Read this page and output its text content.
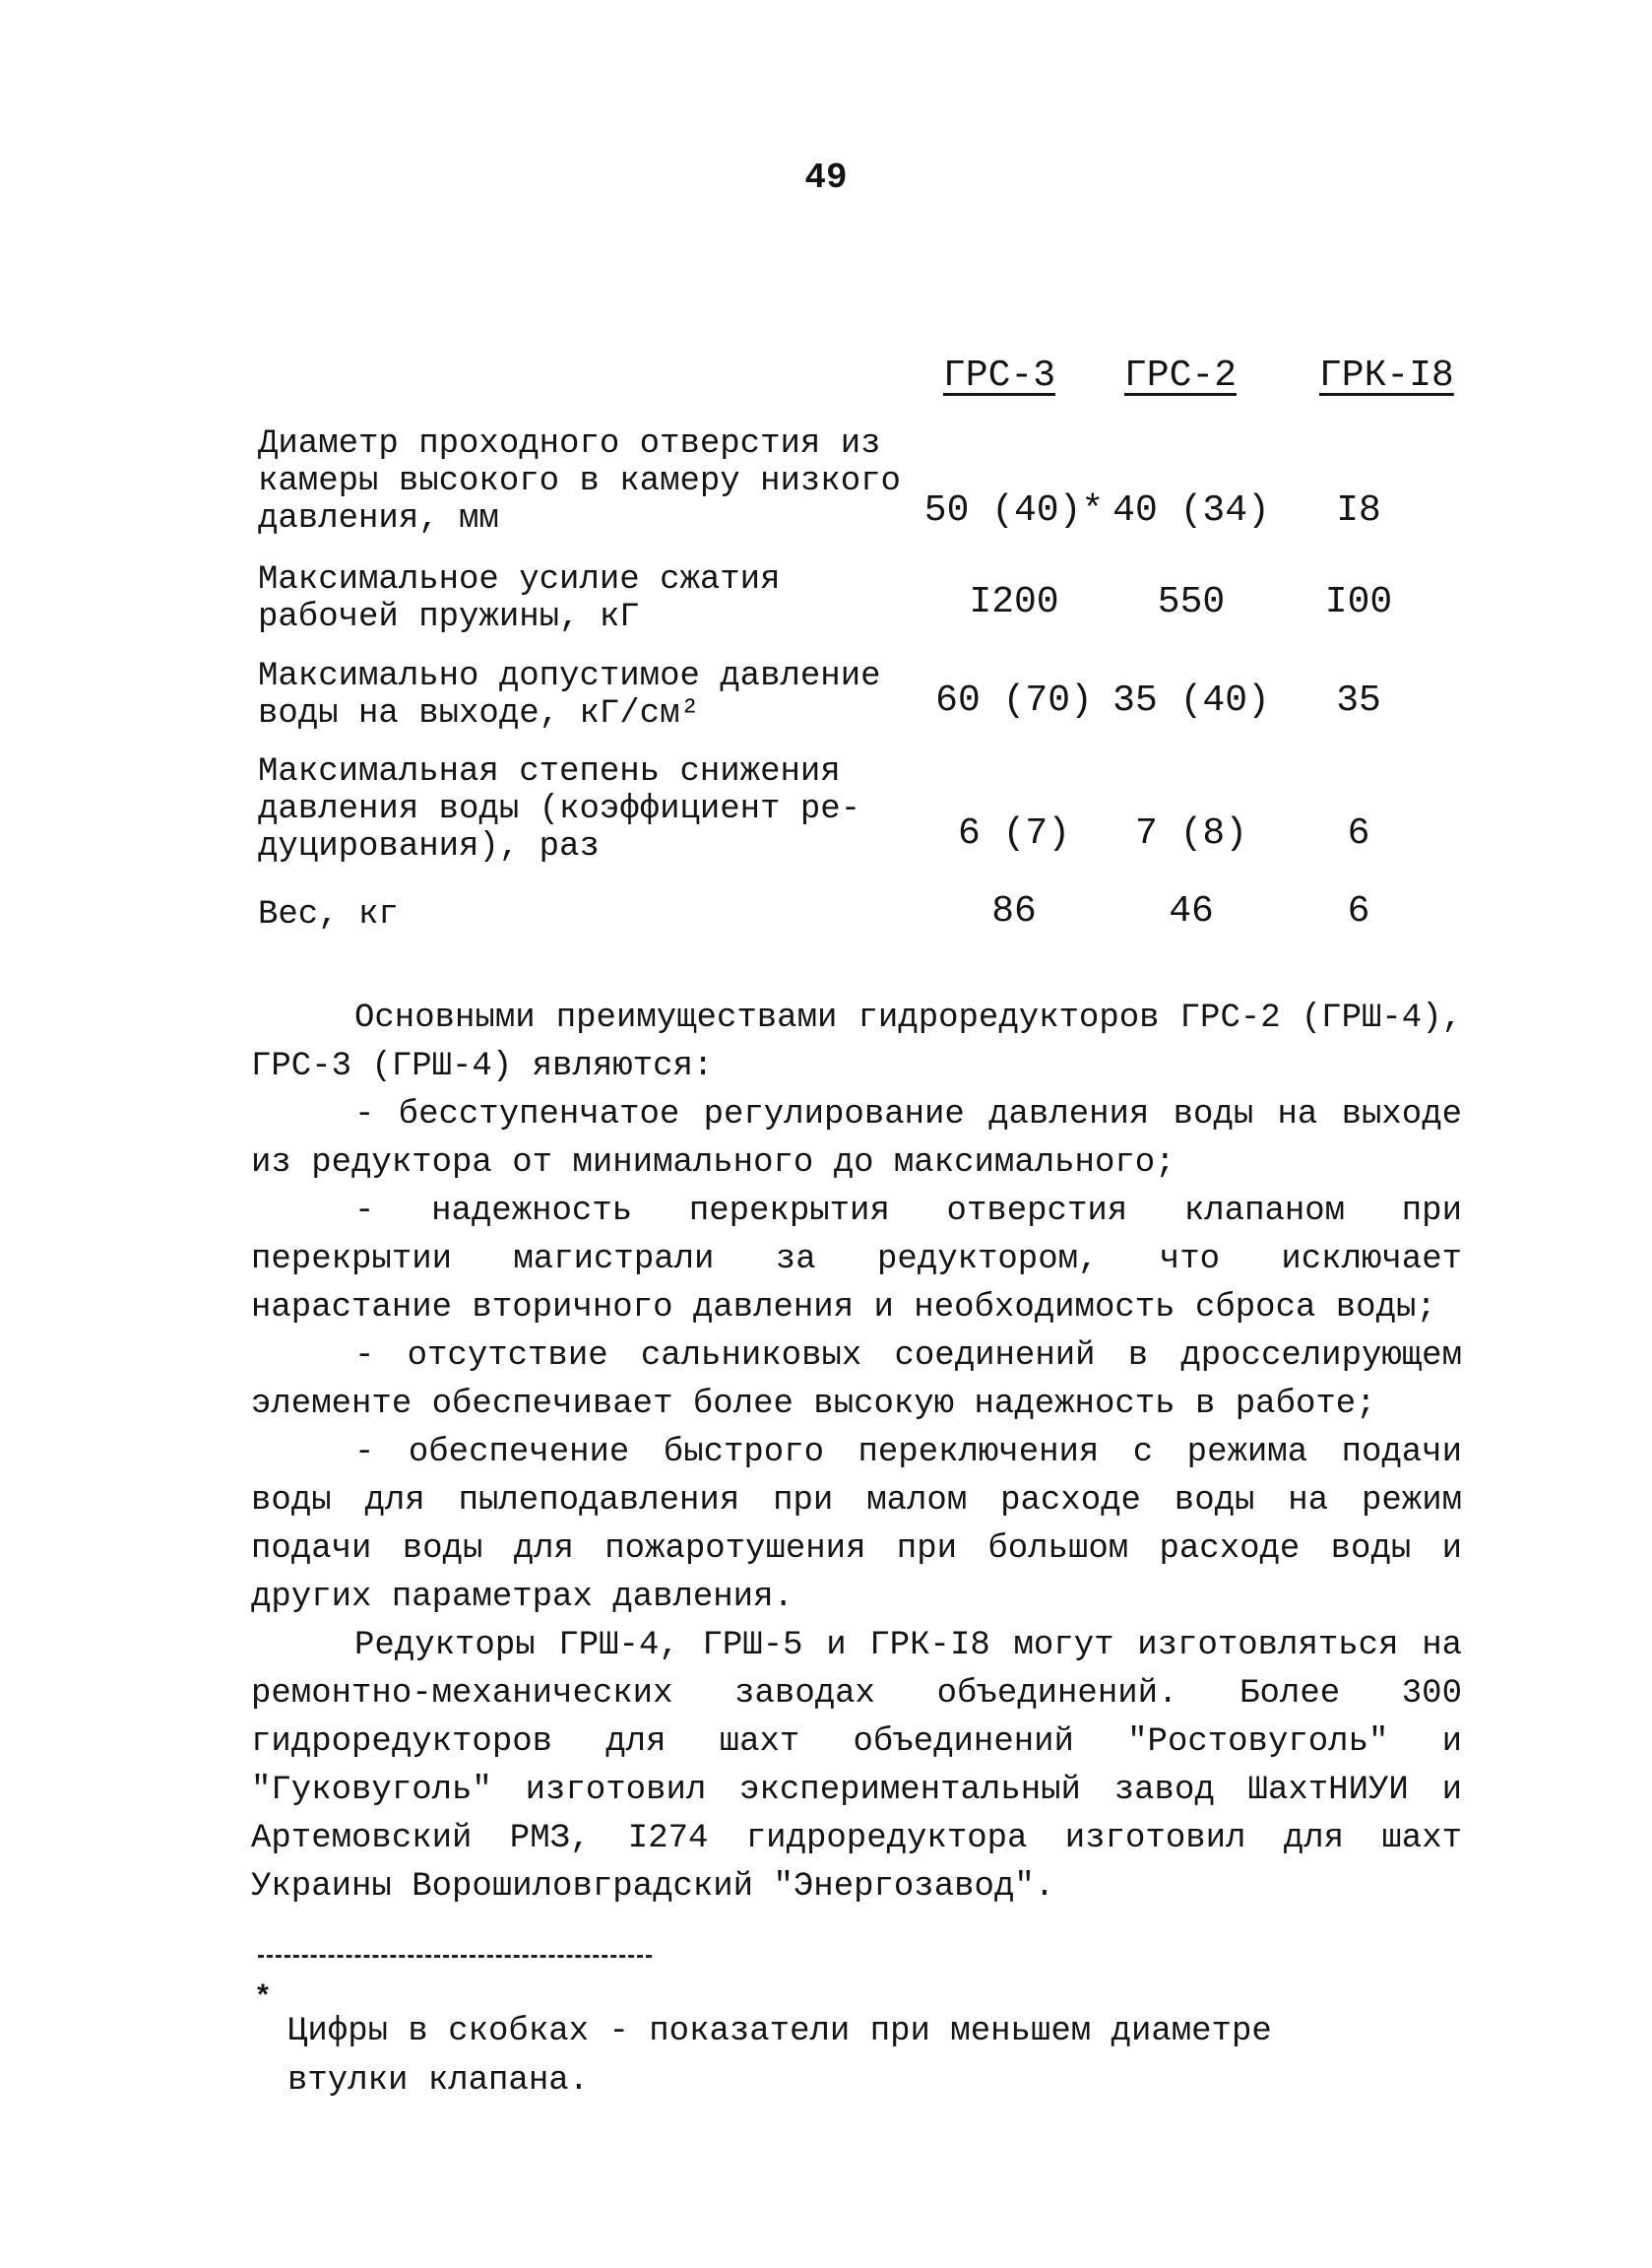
49
ГРС-3 ГРС-2 ГРК-I8

Диаметр проходного отверстия из
камеры высокого в камеру низкого
давления, мм	50 (40)* 40 (34)	I8

Максимальное усилие сжатия
рабочей пружины, кГ	I200	550	I00

Максимально допустимое давление
воды на выходе, кГ/см²	60 (70) 35 (40)	35

Максимальная степень снижения
давления воды (коэффициент ре-
дуцирования), раз	6 (7)	7 (8)	6

Вес, кг	86	46	6

Основными преимуществами гидроредукторов ГРС-2 (ГРШ-4), ГРС-3 (ГРШ-4) являются:

- бесступенчатое регулирование давления воды на выходе из редуктора от минимального до максимального;

- надежность перекрытия отверстия клапаном при перекрытии магистрали за редуктором, что исключает нарастание вторичного давления и необходимость сброса воды;

- отсутствие сальниковых соединений в дросселирующем элементе обеспечивает более высокую надежность в работе;

- обеспечение быстрого переключения с режима подачи воды для пылеподавления при малом расходе воды на режим подачи воды для пожаротушения при большом расходе воды и других параметрах давления.

Редукторы ГРШ-4, ГРШ-5 и ГРК-I8 могут изготовляться на ремонтно-механических заводах объединений. Более 300 гидроредукторов для шахт объединений "Ростовуголь" и "Гуковуголь" изготовил экспериментальный завод ШахтНИУИ и Артемовский РМЗ, I274 гидроредуктора изготовил для шахт Украины Ворошиловградский "Энергозавод".

*
Цифры в скобках - показатели при меньшем диаметре втулки клапана.
